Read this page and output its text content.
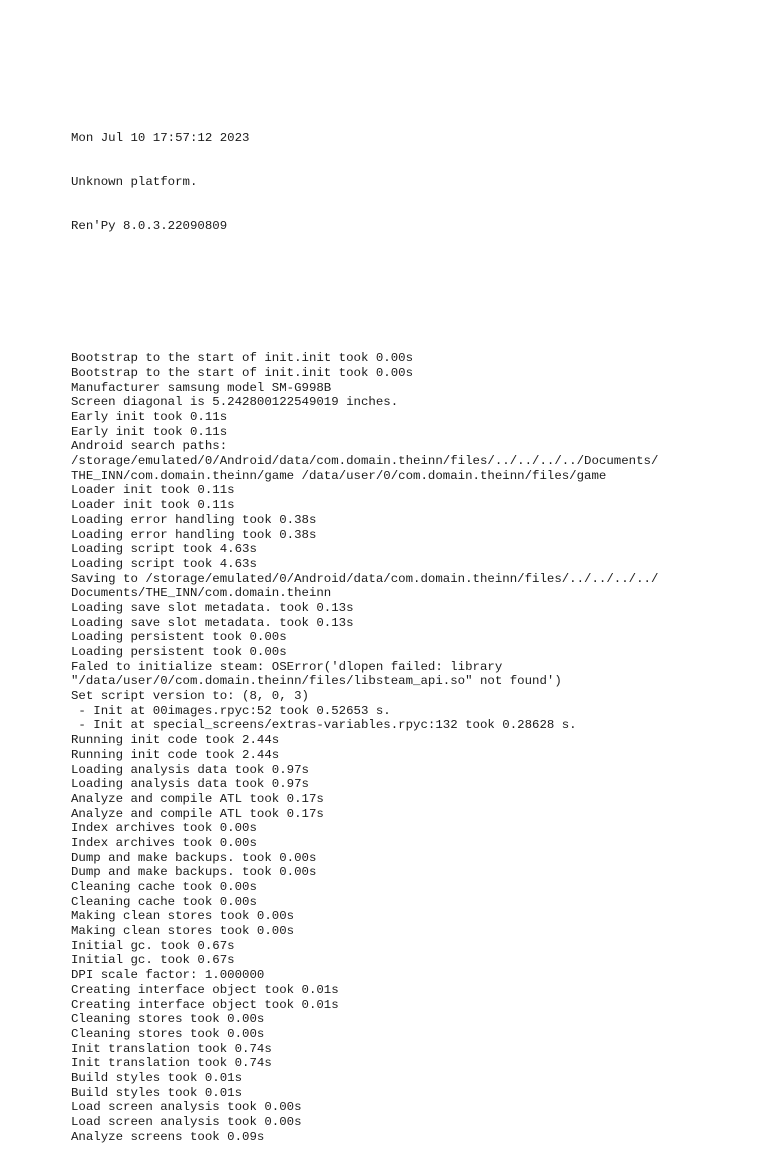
Mon Jul 10 17:57:12 2023

Unknown platform.

Ren'Py 8.0.3.22090809

Bootstrap to the start of init.init took 0.00s
Bootstrap to the start of init.init took 0.00s
Manufacturer samsung model SM-G998B
Screen diagonal is 5.242800122549019 inches.
Early init took 0.11s
Early init took 0.11s
Android search paths:
/storage/emulated/0/Android/data/com.domain.theinn/files/../../../../Documents/
THE_INN/com.domain.theinn/game /data/user/0/com.domain.theinn/files/game
Loader init took 0.11s
Loader init took 0.11s
Loading error handling took 0.38s
Loading error handling took 0.38s
Loading script took 4.63s
Loading script took 4.63s
Saving to /storage/emulated/0/Android/data/com.domain.theinn/files/../../../../
Documents/THE_INN/com.domain.theinn
Loading save slot metadata. took 0.13s
Loading save slot metadata. took 0.13s
Loading persistent took 0.00s
Loading persistent took 0.00s
Faled to initialize steam: OSError('dlopen failed: library
"/data/user/0/com.domain.theinn/files/libsteam_api.so" not found')
Set script version to: (8, 0, 3)
- Init at 00images.rpyc:52 took 0.52653 s.
- Init at special_screens/extras-variables.rpyc:132 took 0.28628 s.
Running init code took 2.44s
Running init code took 2.44s
Loading analysis data took 0.97s
Loading analysis data took 0.97s
Analyze and compile ATL took 0.17s
Analyze and compile ATL took 0.17s
Index archives took 0.00s
Index archives took 0.00s
Dump and make backups. took 0.00s
Dump and make backups. took 0.00s
Cleaning cache took 0.00s
Cleaning cache took 0.00s
Making clean stores took 0.00s
Making clean stores took 0.00s
Initial gc. took 0.67s
Initial gc. took 0.67s
DPI scale factor: 1.000000
Creating interface object took 0.01s
Creating interface object took 0.01s
Cleaning stores took 0.00s
Cleaning stores took 0.00s
Init translation took 0.74s
Init translation took 0.74s
Build styles took 0.01s
Build styles took 0.01s
Load screen analysis took 0.00s
Load screen analysis took 0.00s
Analyze screens took 0.09s
